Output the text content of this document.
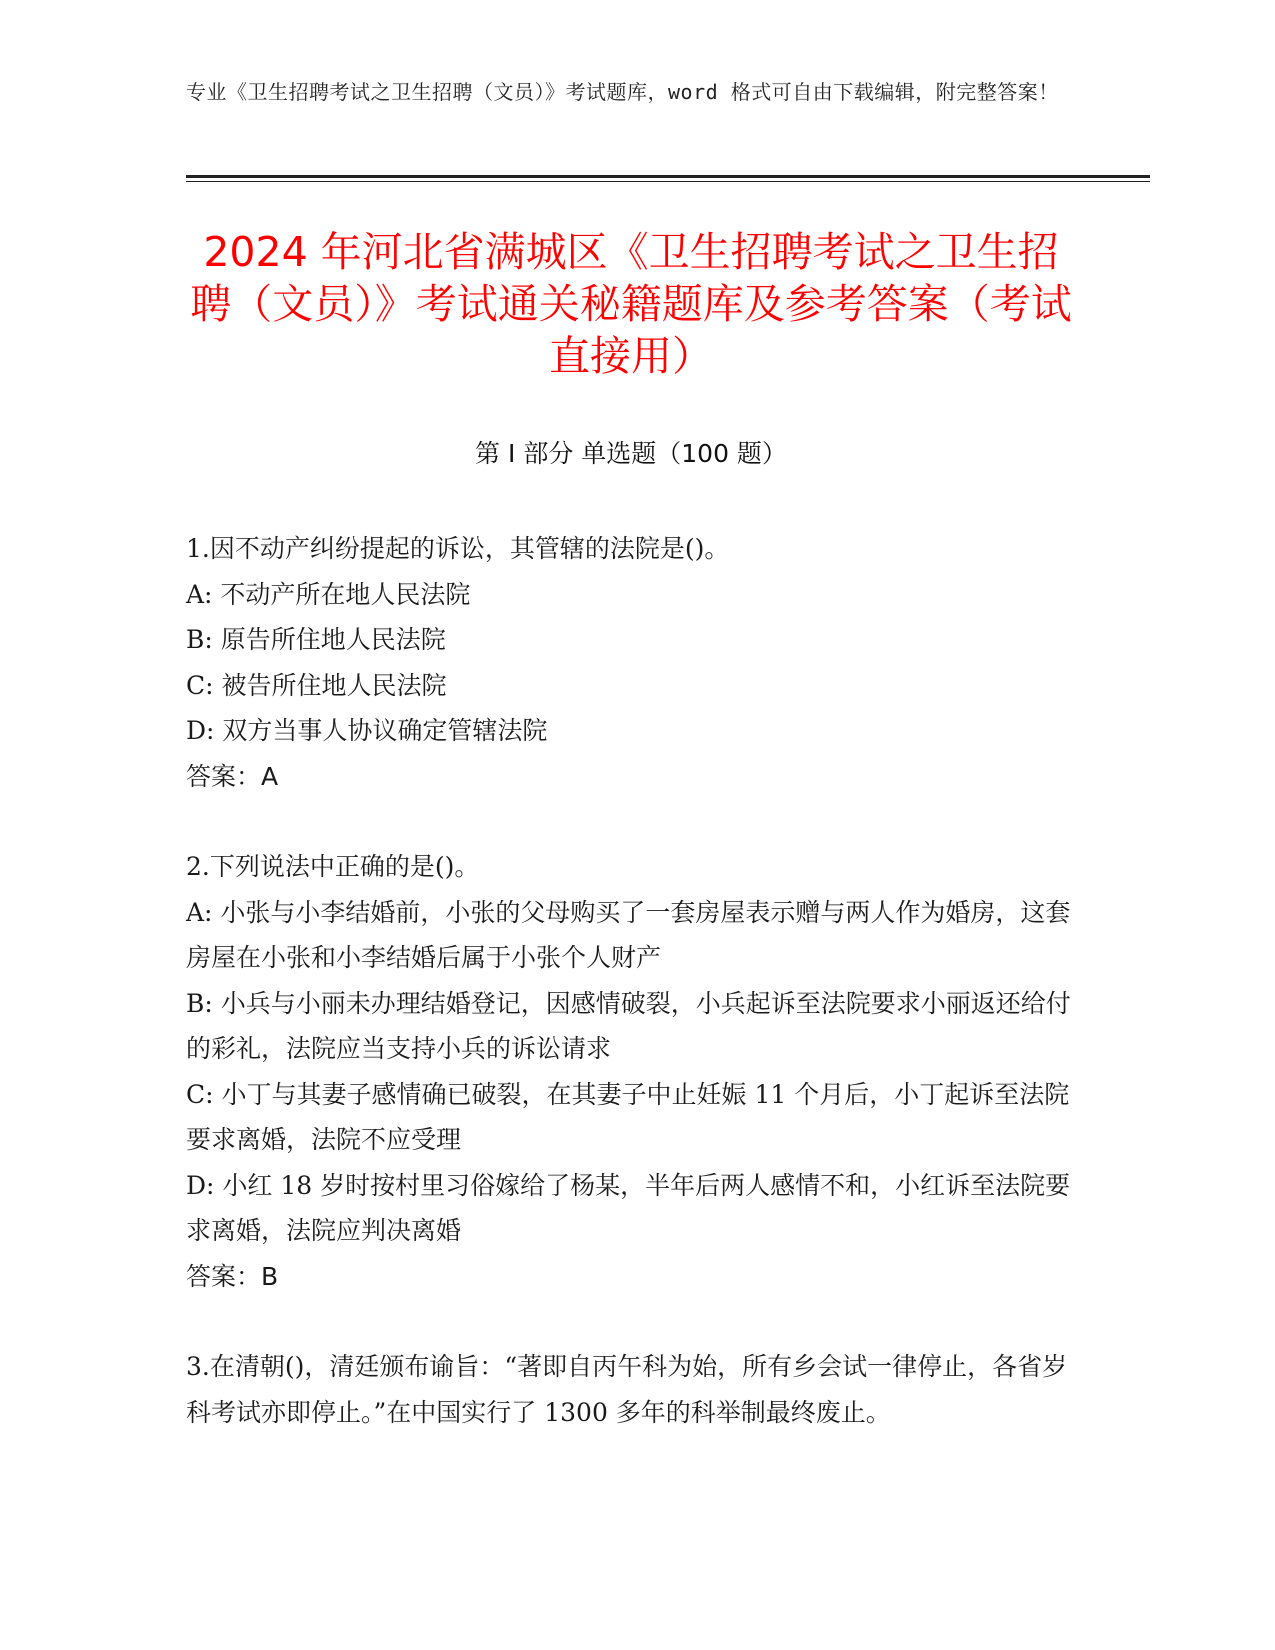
专业《卫生招聘考试之卫生招聘（文员）》考试题库，word 格式可自由下载编辑，附完整答案！
2024 年河北省满城区《卫生招聘考试之卫生招聘（文员）》考试通关秘籍题库及参考答案（考试直接用）
第 I 部分 单选题（100 题）
1.因不动产纠纷提起的诉讼，其管辖的法院是()。
A: 不动产所在地人民法院
B: 原告所住地人民法院
C: 被告所住地人民法院
D: 双方当事人协议确定管辖法院
答案：A
2.下列说法中正确的是()。
A: 小张与小李结婚前，小张的父母购买了一套房屋表示赠与两人作为婚房，这套房屋在小张和小李结婚后属于小张个人财产
B: 小兵与小丽未办理结婚登记，因感情破裂，小兵起诉至法院要求小丽返还给付的彩礼，法院应当支持小兵的诉讼请求
C: 小丁与其妻子感情确已破裂，在其妻子中止妊娠 11 个月后，小丁起诉至法院要求离婚，法院不应受理
D: 小红 18 岁时按村里习俗嫁给了杨某，半年后两人感情不和，小红诉至法院要求离婚，法院应判决离婚
答案：B
3.在清朝()，清廷颁布谕旨：“著即自丙午科为始，所有乡会试一律停止，各省岁科考试亦即停止。”在中国实行了 1300 多年的科举制最终废止。
